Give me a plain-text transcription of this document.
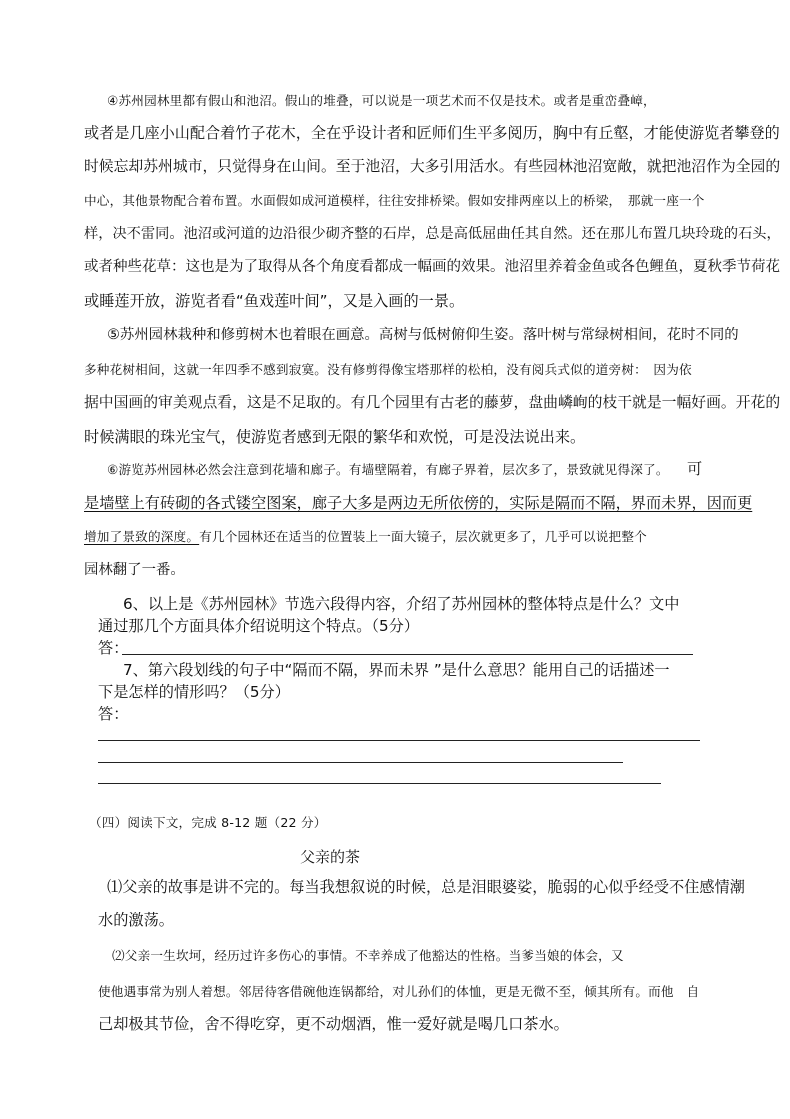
④苏州园林里都有假山和池沼。假山的堆叠，可以说是一项艺术而不仅是技术。或者是重峦叠嶂，
或者是几座小山配合着竹子花木，全在乎设计者和匠师们生平多阅历，胸中有丘壑，才能使游览者攀登的
时候忘却苏州城市，只觉得身在山间。至于池沼，大多引用活水。有些园林池沼宽敞，就把池沼作为全园的
中心，其他景物配合着布置。水面假如成河道模样，往往安排桥梁。假如安排两座以上的桥梁，　那就一座一个
样，决不雷同。池沼或河道的边沿很少砌齐整的石岸，总是高低屈曲任其自然。还在那儿布置几块玲珑的石头，
或者种些花草：这也是为了取得从各个角度看都成一幅画的效果。池沼里养着金鱼或各色鲤鱼，夏秋季节荷花
或睡莲开放，游览者看“鱼戏莲叶间”，又是入画的一景。
⑤苏州园林栽种和修剪树木也着眼在画意。高树与低树俯仰生姿。落叶树与常绿树相间，花时不同的
多种花树相间，这就一年四季不感到寂寞。没有修剪得像宝塔那样的松柏，没有阅兵式似的道旁树：　因为依
据中国画的审美观点看，这是不足取的。有几个园里有古老的藤萝，盘曲嶙峋的枝干就是一幅好画。开花的
时候满眼的珠光宝气，使游览者感到无限的繁华和欢悦，可是没法说出来。
⑥游览苏州园林必然会注意到花墙和廊子。有墙壁隔着，有廊子界着，层次多了，景致就见得深了。 可
是墙壁上有砖砌的各式镂空图案，廊子大多是两边无所依傍的，实际是隔而不隔，界而未界，因而更
增加了景致的深度。有几个园林还在适当的位置装上一面大镜子，层次就更多了，几乎可以说把整个
园林翻了一番。
6、以上是《苏州园林》节选六段得内容，介绍了苏州园林的整体特点是什么？文中
通过那几个方面具体介绍说明这个特点。（5分）
答：
7、第六段划线的句子中“隔而不隔，界而未界 ”是什么意思？能用自己的话描述一
下是怎样的情形吗？（5分）
答：
（四）阅读下文，完成 8-12 题（22 分）
父亲的茶
⑴父亲的故事是讲不完的。每当我想叙说的时候，总是泪眼婆娑，脆弱的心似乎经受不住感情潮
水的激荡。
⑵父亲一生坎坷，经历过许多伤心的事情。不幸养成了他豁达的性格。当爹当娘的体会，又
使他遇事常为别人着想。邻居待客借碗他连锅都给，对儿孙们的体恤，更是无微不至，倾其所有。而他　自
己却极其节俭，舍不得吃穿，更不动烟酒，惟一爱好就是喝几口茶水。
